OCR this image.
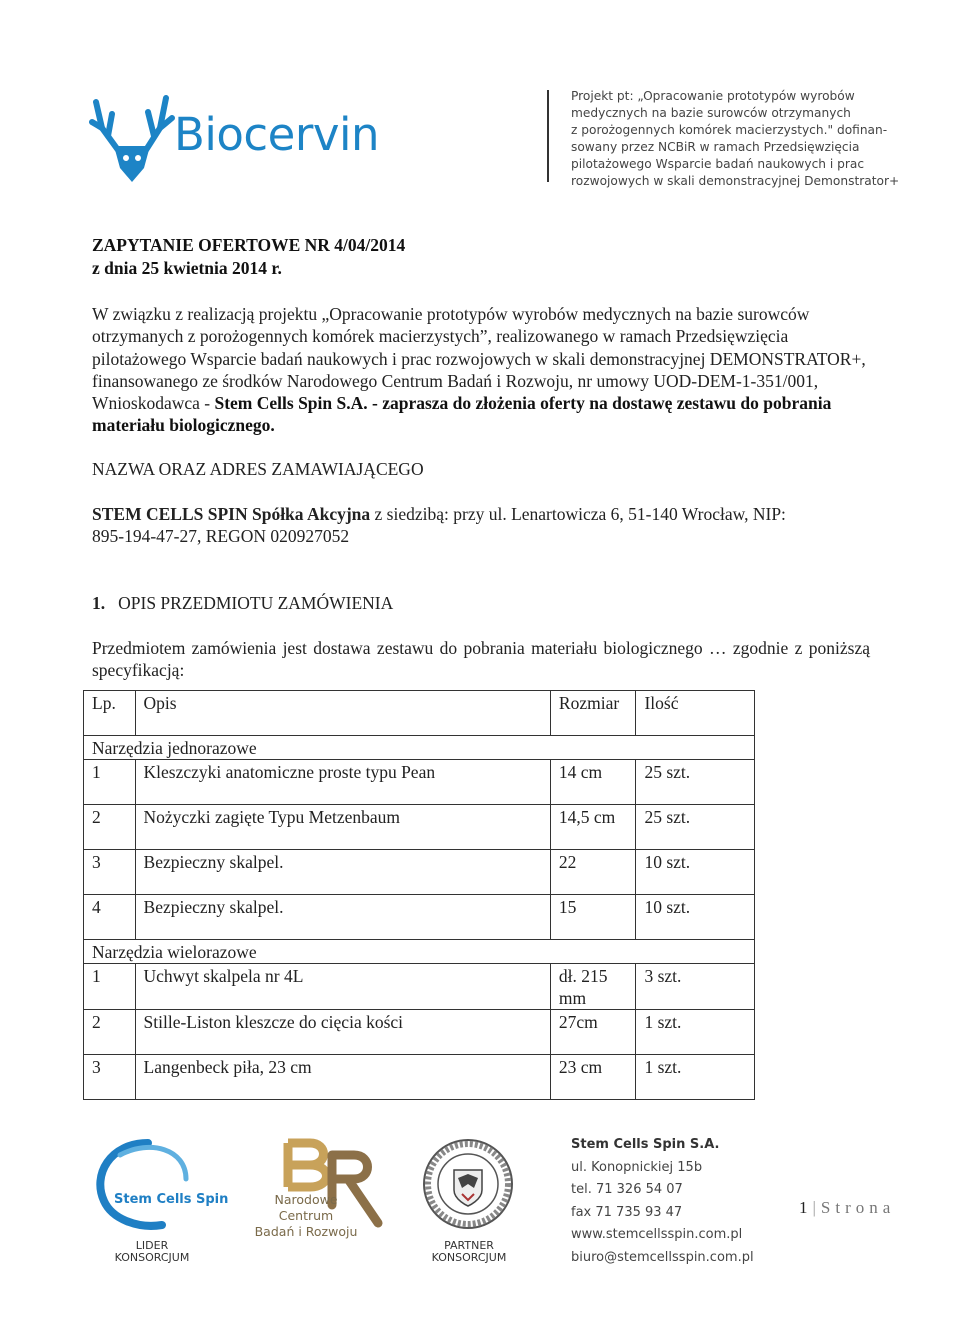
Biocervin
Projekt pt: „Opracowanie prototypów wyrobów
medycznych na bazie surowców otrzymanych
z porożogennych komórek macierzystych." dofinan-
sowany przez NCBiR w ramach Przedsięwzięcia
pilotażowego Wsparcie badań naukowych i prac
rozwojowych w skali demonstracyjnej Demonstrator+
ZAPYTANIE OFERTOWE NR 4/04/2014
z dnia 25 kwietnia 2014 r.
W związku z realizacją projektu „Opracowanie prototypów wyrobów medycznych na bazie surowców otrzymanych z porożogennych komórek macierzystych”, realizowanego w ramach Przedsięwzięcia pilotażowego Wsparcie badań naukowych i prac rozwojowych w skali demonstracyjnej DEMONSTRATOR+, finansowanego ze środków Narodowego Centrum Badań i Rozwoju, nr umowy UOD-DEM-1-351/001, Wnioskodawca - Stem Cells Spin S.A. - zaprasza do złożenia oferty na dostawę zestawu do pobrania materiału biologicznego.
NAZWA ORAZ ADRES ZAMAWIAJĄCEGO
STEM CELLS SPIN Spółka Akcyjna z siedzibą: przy ul. Lenartowicza 6, 51-140 Wrocław, NIP:
895-194-47-27, REGON 020927052
1. OPIS PRZEDMIOTU ZAMÓWIENIA
Przedmiotem zamówienia jest dostawa zestawu do pobrania materiału biologicznego … zgodnie z poniższą specyfikacją:
Lp.	Opis	Rozmiar	Ilość
Narzędzia jednorazowe			
1	Kleszczyki anatomiczne proste typu Pean	14 cm	25 szt.
2	Nożyczki zagięte Typu Metzenbaum	14,5 cm	25 szt.
3	Bezpieczny skalpel.	22	10 szt.
4	Bezpieczny skalpel.	15	10 szt.
Narzędzia wielorazowe			
1	Uchwyt skalpela nr 4L	dł. 215 mm	3 szt.
2	Stille-Liston kleszcze do cięcia kości	27cm	1 szt.
3	Langenbeck piła, 23 cm	23 cm	1 szt.
Stem Cells Spin
LIDER
KONSORCJUM
Narodowe Centrum
Badań i Rozwoju
PARTNER
KONSORCJUM
Stem Cells Spin S.A.
ul. Konopnickiej 15b
tel. 71 326 54 07
fax 71 735 93 47
www.stemcellsspin.com.pl
biuro@stemcellsspin.com.pl
1 | Strona
